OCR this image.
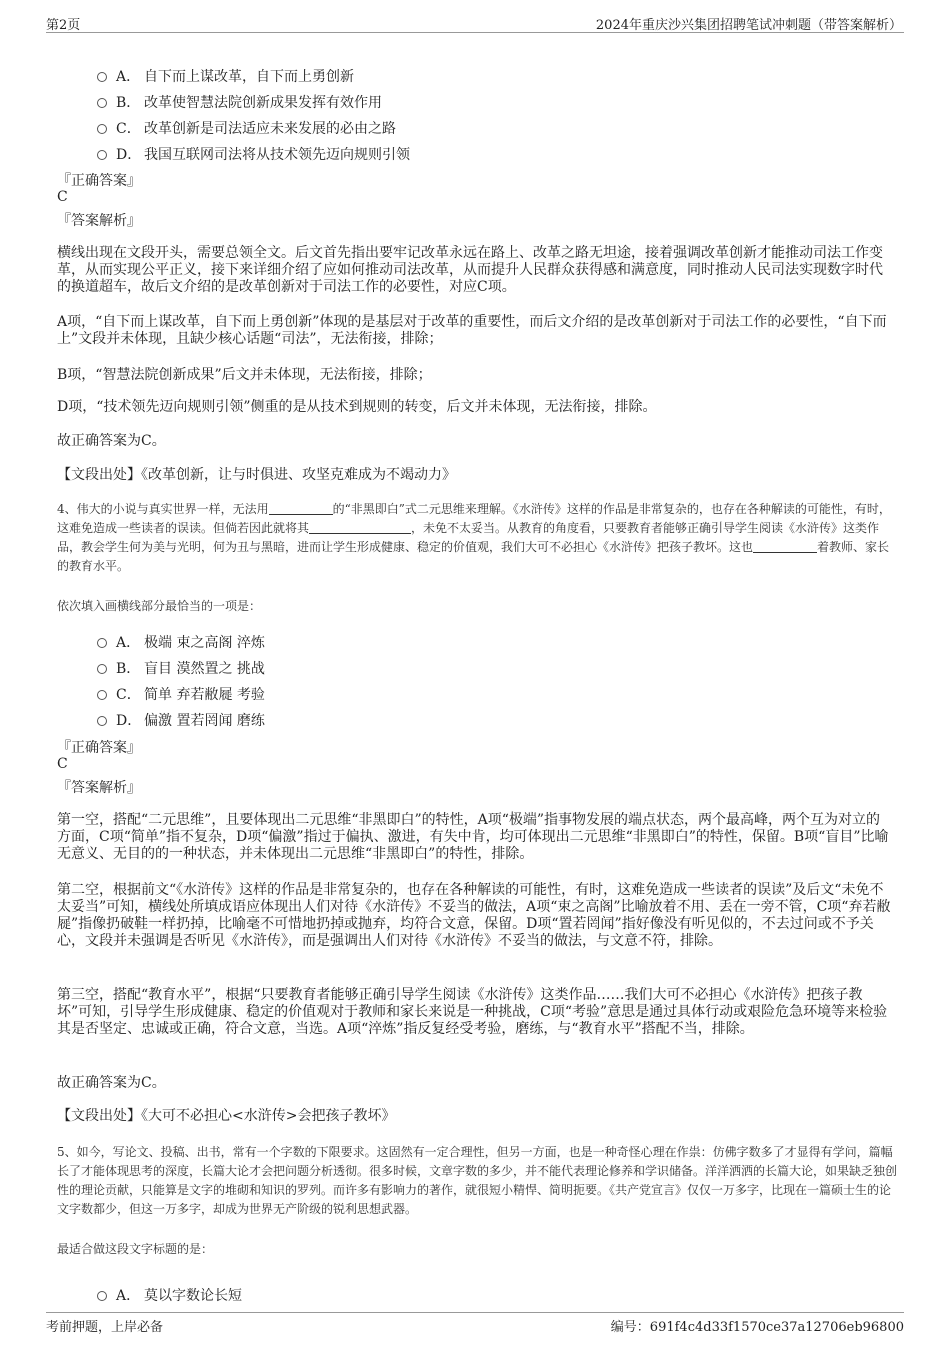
第2页	2024年重庆沙兴集团招聘笔试冲刺题（带答案解析）
A． 自下而上谋改革，自下而上勇创新
B． 改革使智慧法院创新成果发挥有效作用
C． 改革创新是司法适应未来发展的必由之路
D． 我国互联网司法将从技术领先迈向规则引领
『正确答案』
C
『答案解析』
横线出现在文段开头，需要总领全文。后文首先指出要牢记改革永远在路上、改革之路无坦途，接着强调改革创新才能推动司法工作变革，从而实现公平正义，接下来详细介绍了应如何推动司法改革，从而提升人民群众获得感和满意度，同时推动人民司法实现数字时代的换道超车，故后文介绍的是改革创新对于司法工作的必要性，对应C项。
A项，“自下而上谋改革，自下而上勇创新”体现的是基层对于改革的重要性，而后文介绍的是改革创新对于司法工作的必要性，“自下而上”文段并未体现，且缺少核心话题“司法”，无法衔接，排除；
B项，“智慧法院创新成果”后文并未体现，无法衔接，排除；
D项，“技术领先迈向规则引领”侧重的是从技术到规则的转变，后文并未体现，无法衔接，排除。
故正确答案为C。
【文段出处】《改革创新，让与时俱进、攻坚克难成为不竭动力》
4、伟大的小说与真实世界一样，无法用	的“非黑即白”式二元思维来理解。《水浒传》这样的作品是非常复杂的，也存在各种解读的可能性，有时，这难免造成一些读者的误读。但倘若因此就将其	，未免不太妥当。从教育的角度看，只要教育者能够正确引导学生阅读《水浒传》这类作品，教会学生何为美与光明，何为丑与黑暗，进而让学生形成健康、稳定的价值观，我们大可不必担心《水浒传》把孩子教坏。这也	着教师、家长的教育水平。
依次填入画横线部分最恰当的一项是：
A． 极端 束之高阁 淬炼
B． 盲目 漠然置之 挑战
C． 简单 弃若敝屣 考验
D． 偏激 置若罔闻 磨练
『正确答案』
C
『答案解析』
第一空，搭配“二元思维”，且要体现出二元思维“非黑即白”的特性，A项“极端”指事物发展的端点状态，两个最高峰，两个互为对立的方面，C项“简单”指不复杂，D项“偏激”指过于偏执、激进，有失中肯，均可体现出二元思维“非黑即白”的特性，保留。B项“盲目”比喻无意义、无目的的一种状态，并未体现出二元思维“非黑即白”的特性，排除。
第二空，根据前文“《水浒传》这样的作品是非常复杂的，也存在各种解读的可能性，有时，这难免造成一些读者的误读”及后文“未免不太妥当”可知，横线处所填成语应体现出人们对待《水浒传》不妥当的做法，A项“束之高阁”比喻放着不用、丢在一旁不管，C项“弃若敝屣”指像扔破鞋一样扔掉，比喻毫不可惜地扔掉或抛弃，均符合文意，保留。D项“置若罔闻”指好像没有听见似的，不去过问或不予关心，文段并未强调是否听见《水浒传》，而是强调出人们对待《水浒传》不妥当的做法，与文意不符，排除。
第三空，搭配“教育水平”，根据“只要教育者能够正确引导学生阅读《水浒传》这类作品……我们大可不必担心《水浒传》把孩子教坏”可知，引导学生形成健康、稳定的价值观对于教师和家长来说是一种挑战，C项“考验”意思是通过具体行动或艰险危急环境等来检验其是否坚定、忠诚或正确，符合文意，当选。A项“淬炼”指反复经受考验，磨练，与“教育水平”搭配不当，排除。
故正确答案为C。
【文段出处】《大可不必担心<水浒传>会把孩子教坏》
5、如今，写论文、投稿、出书，常有一个字数的下限要求。这固然有一定合理性，但另一方面，也是一种奇怪心理在作祟：仿佛字数多了才显得有学问，篇幅长了才能体现思考的深度，长篇大论才会把问题分析透彻。很多时候，文章字数的多少，并不能代表理论修养和学识储备。洋洋洒洒的长篇大论，如果缺乏独创性的理论贡献，只能算是文字的堆砌和知识的罗列。而许多有影响力的著作，就很短小精悍、简明扼要。《共产党宣言》仅仅一万多字，比现在一篇硕士生的论文字数都少，但这一万多字，却成为世界无产阶级的锐利思想武器。
最适合做这段文字标题的是：
A． 莫以字数论长短
考前押题，上岸必备	编号：691f4c4d33f1570ce37a12706eb96800
